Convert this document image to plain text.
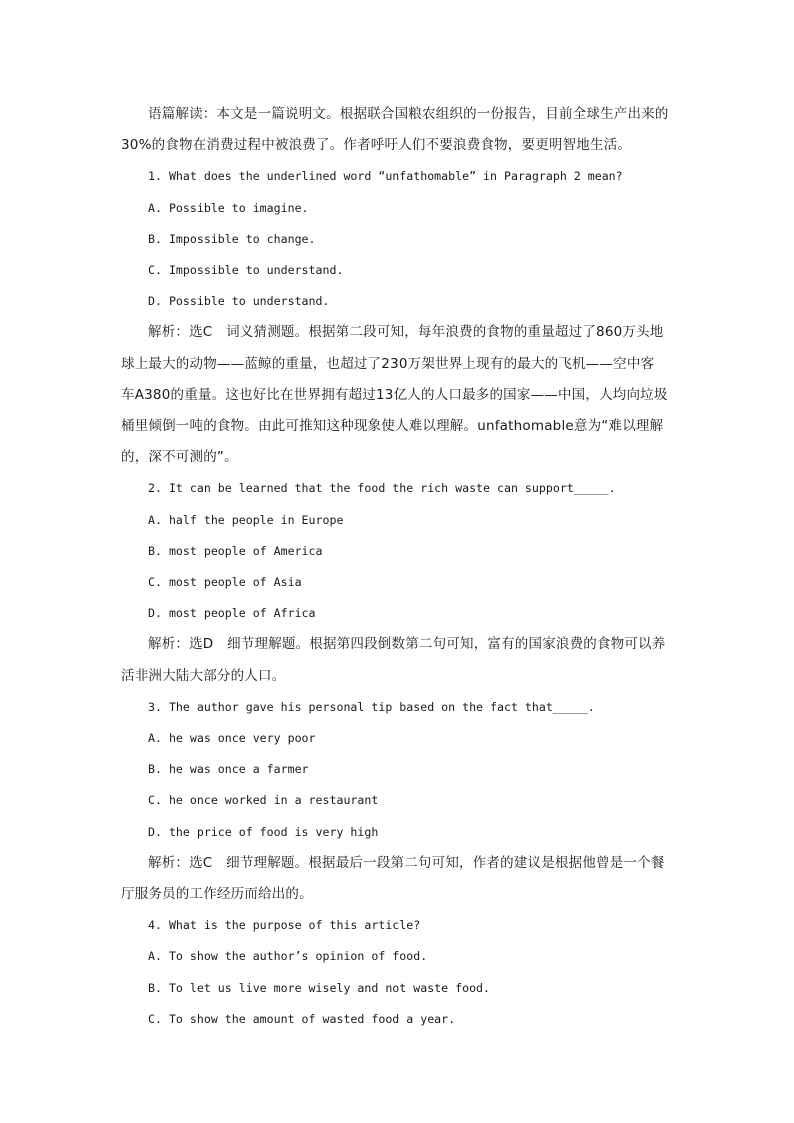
语篇解读：本文是一篇说明文。根据联合国粮农组织的一份报告，目前全球生产出来的
30%的食物在消费过程中被浪费了。作者呼吁人们不要浪费食物，要更明智地生活。

1. What does the underlined word “unfathomable” in Paragraph 2 mean?

A. Possible to imagine.

B. Impossible to change.

C. Impossible to understand.

D. Possible to understand.

解析：选C　词义猜测题。根据第二段可知，每年浪费的食物的重量超过了860万头地
球上最大的动物——蓝鲸的重量，也超过了230万架世界上现有的最大的飞机——空中客
车A380的重量。这也好比在世界拥有超过13亿人的人口最多的国家——中国，人均向垃圾
桶里倾倒一吨的食物。由此可推知这种现象使人难以理解。unfathomable意为“难以理解
的，深不可测的”。

2. It can be learned that the food the rich waste can support_____.

A. half the people in Europe

B. most people of America

C. most people of Asia

D. most people of Africa

解析：选D　细节理解题。根据第四段倒数第二句可知，富有的国家浪费的食物可以养
活非洲大陆大部分的人口。

3. The author gave his personal tip based on the fact that_____.

A. he was once very poor

B. he was once a farmer

C. he once worked in a restaurant

D. the price of food is very high

解析：选C　细节理解题。根据最后一段第二句可知，作者的建议是根据他曾是一个餐
厅服务员的工作经历而给出的。

4. What is the purpose of this article?

A. To show the author’s opinion of food.

B. To let us live more wisely and not waste food.

C. To show the amount of wasted food a year.
